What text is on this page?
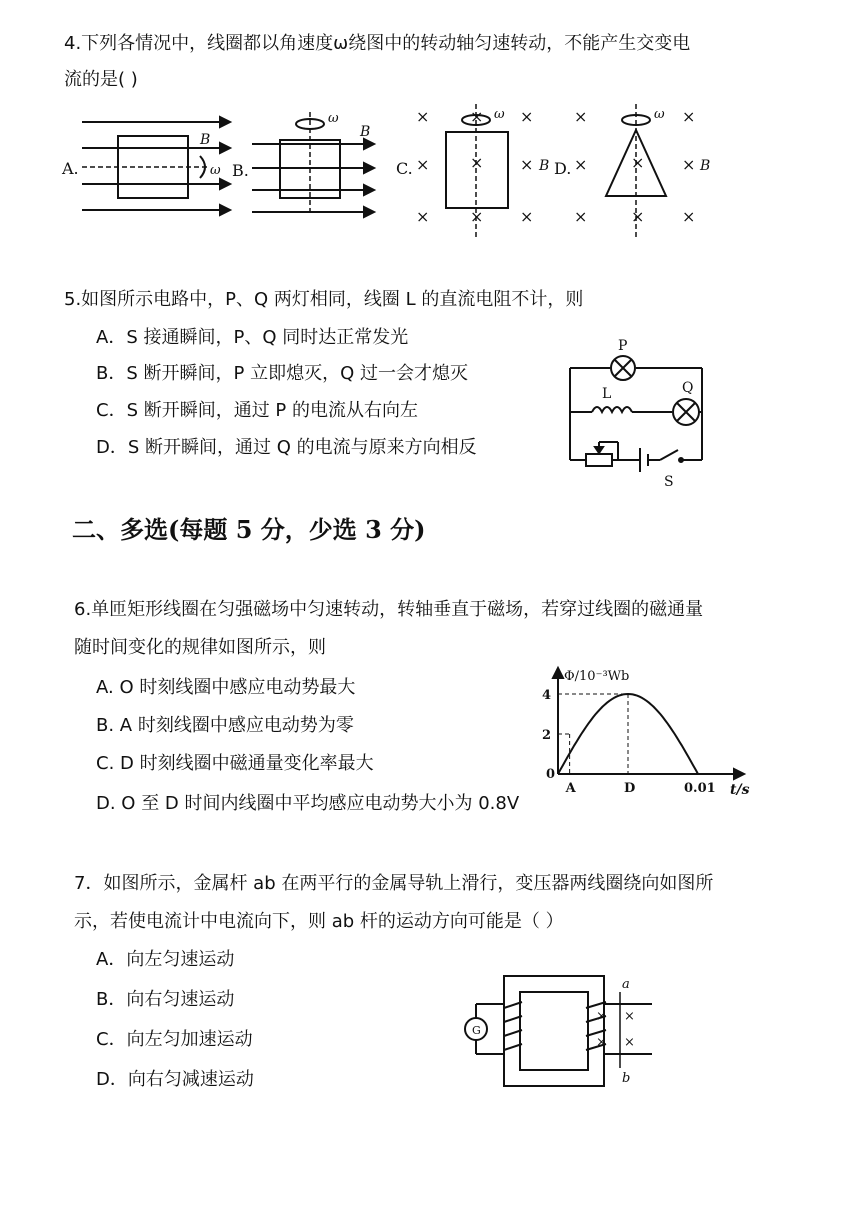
4.下列各情况中，线圈都以角速度ω绕图中的转动轴匀速转动，不能产生交变电
流的是( )
A.
B
ω B.
ω
B
×	×
×	×
×	×
×
×
×
C.
ω
B
×	×
×	×
×	×
×
×
D.
ω
B
5.如图所示电路中，P、Q 两灯相同，线圈 L 的直流电阻不计，则
A．S 接通瞬间，P、Q 同时达正常发光
B．S 断开瞬间，P 立即熄灭，Q 过一会才熄灭
C．S 断开瞬间，通过 P 的电流从右向左
D．S 断开瞬间，通过 Q 的电流与原来方向相反
P
L	Q
S
二、多选(每题 5 分，少选 3 分)
6.单匝矩形线圈在匀强磁场中匀速转动，转轴垂直于磁场，若穿过线圈的磁通量
随时间变化的规律如图所示，则
A. O 时刻线圈中感应电动势最大
B. A 时刻线圈中感应电动势为零
C. D 时刻线圈中磁通量变化率最大
D. O 至 D 时间内线圈中平均感应电动势大小为 0.8V
0
A	D	0.01
2
4
Φ/10⁻³Wb
t/s
7．如图所示，金属杆 ab 在两平行的金属导轨上滑行，变压器两线圈绕向如图所
示，若使电流计中电流向下，则 ab 杆的运动方向可能是（ ）
A．向左匀速运动
B．向右匀速运动
C．向左匀加速运动
D．向右匀减速运动
G
× ×
× ×
a
b
